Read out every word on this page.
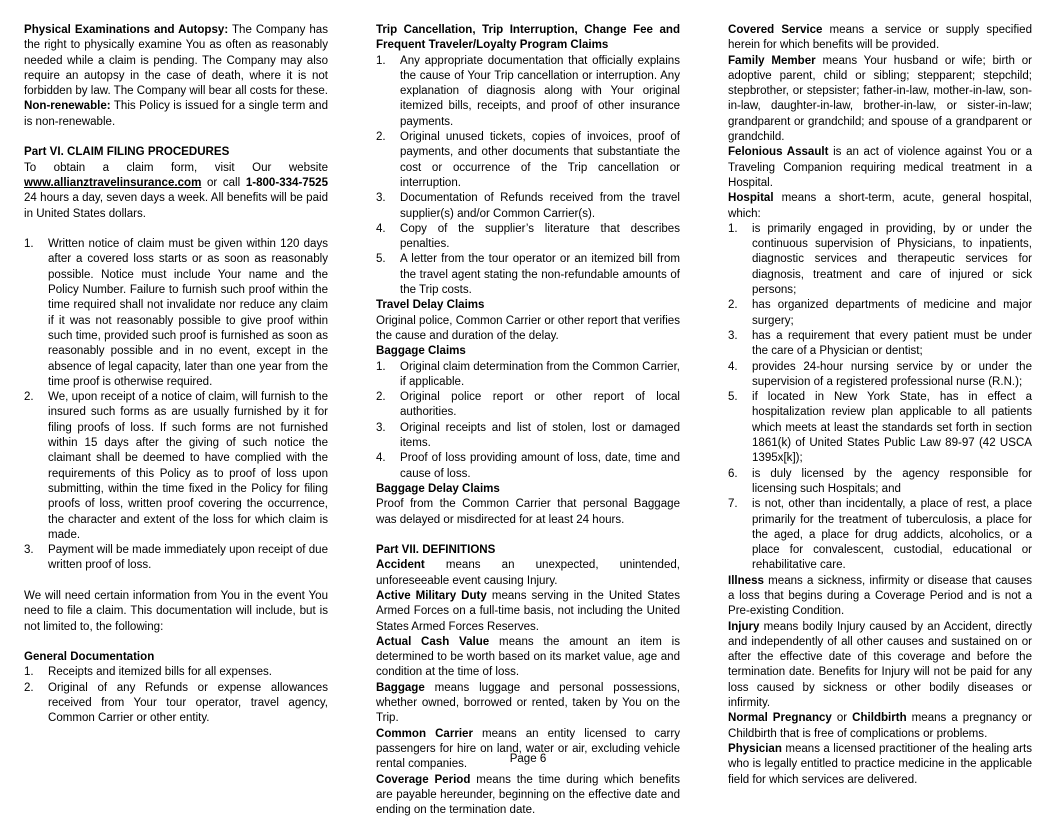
Physical Examinations and Autopsy: The Company has the right to physically examine You as often as reasonably needed while a claim is pending. The Company may also require an autopsy in the case of death, where it is not forbidden by law. The Company will bear all costs for these.

Non-renewable: This Policy is issued for a single term and is non-renewable.

Part VI. CLAIM FILING PROCEDURES

To obtain a claim form, visit Our website www.allianztravelinsurance.com or call 1-800-334-7525 24 hours a day, seven days a week. All benefits will be paid in United States dollars.

1. Written notice of claim must be given within 120 days after a covered loss starts or as soon as reasonably possible. Notice must include Your name and the Policy Number. Failure to furnish such proof within the time required shall not invalidate nor reduce any claim if it was not reasonably possible to give proof within such time, provided such proof is furnished as soon as reasonably possible and in no event, except in the absence of legal capacity, later than one year from the time proof is otherwise required.
2. We, upon receipt of a notice of claim, will furnish to the insured such forms as are usually furnished by it for filing proofs of loss. If such forms are not furnished within 15 days after the giving of such notice the claimant shall be deemed to have complied with the requirements of this Policy as to proof of loss upon submitting, within the time fixed in the Policy for filing proofs of loss, written proof covering the occurrence, the character and extent of the loss for which claim is made.
3. Payment will be made immediately upon receipt of due written proof of loss.

We will need certain information from You in the event You need to file a claim. This documentation will include, but is not limited to, the following:

General Documentation

1. Receipts and itemized bills for all expenses.
2. Original of any Refunds or expense allowances received from Your tour operator, travel agency, Common Carrier or other entity.

Trip Cancellation, Trip Interruption, Change Fee and Frequent Traveler/Loyalty Program Claims

1. Any appropriate documentation that officially explains the cause of Your Trip cancellation or interruption. Any explanation of diagnosis along with Your original itemized bills, receipts, and proof of other insurance payments.
2. Original unused tickets, copies of invoices, proof of payments, and other documents that substantiate the cost or occurrence of the Trip cancellation or interruption.
3. Documentation of Refunds received from the travel supplier(s) and/or Common Carrier(s).
4. Copy of the supplier’s literature that describes penalties.
5. A letter from the tour operator or an itemized bill from the travel agent stating the non-refundable amounts of the Trip costs.

Travel Delay Claims

Original police, Common Carrier or other report that verifies the cause and duration of the delay.

Baggage Claims

1. Original claim determination from the Common Carrier, if applicable.
2. Original police report or other report of local authorities.
3. Original receipts and list of stolen, lost or damaged items.
4. Proof of loss providing amount of loss, date, time and cause of loss.

Baggage Delay Claims

Proof from the Common Carrier that personal Baggage was delayed or misdirected for at least 24 hours.

Part VII. DEFINITIONS

Accident means an unexpected, unintended, unforeseeable event causing Injury.

Active Military Duty means serving in the United States Armed Forces on a full-time basis, not including the United States Armed Forces Reserves.

Actual Cash Value means the amount an item is determined to be worth based on its market value, age and condition at the time of loss.

Baggage means luggage and personal possessions, whether owned, borrowed or rented, taken by You on the Trip.

Common Carrier means an entity licensed to carry passengers for hire on land, water or air, excluding vehicle rental companies.

Coverage Period means the time during which benefits are payable hereunder, beginning on the effective date and ending on the termination date.

Covered Service means a service or supply specified herein for which benefits will be provided.

Family Member means Your husband or wife; birth or adoptive parent, child or sibling; stepparent; stepchild; stepbrother, or stepsister; father-in-law, mother-in-law, son-in-law, daughter-in-law, brother-in-law, or sister-in-law; grandparent or grandchild; and spouse of a grandparent or grandchild.

Felonious Assault is an act of violence against You or a Traveling Companion requiring medical treatment in a Hospital.

Hospital means a short-term, acute, general hospital, which:

1. is primarily engaged in providing, by or under the continuous supervision of Physicians, to inpatients, diagnostic services and therapeutic services for diagnosis, treatment and care of injured or sick persons;
2. has organized departments of medicine and major surgery;
3. has a requirement that every patient must be under the care of a Physician or dentist;
4. provides 24-hour nursing service by or under the supervision of a registered professional nurse (R.N.);
5. if located in New York State, has in effect a hospitalization review plan applicable to all patients which meets at least the standards set forth in section 1861(k) of United States Public Law 89-97 (42 USCA 1395x[k]);
6. is duly licensed by the agency responsible for licensing such Hospitals; and
7. is not, other than incidentally, a place of rest, a place primarily for the treatment of tuberculosis, a place for the aged, a place for drug addicts, alcoholics, or a place for convalescent, custodial, educational or rehabilitative care.

Illness means a sickness, infirmity or disease that causes a loss that begins during a Coverage Period and is not a Pre-existing Condition.

Injury means bodily Injury caused by an Accident, directly and independently of all other causes and sustained on or after the effective date of this coverage and before the termination date. Benefits for Injury will not be paid for any loss caused by sickness or other bodily diseases or infirmity.

Normal Pregnancy or Childbirth means a pregnancy or Childbirth that is free of complications or problems.

Physician means a licensed practitioner of the healing arts who is legally entitled to practice medicine in the applicable field for which services are delivered.

Page 6
